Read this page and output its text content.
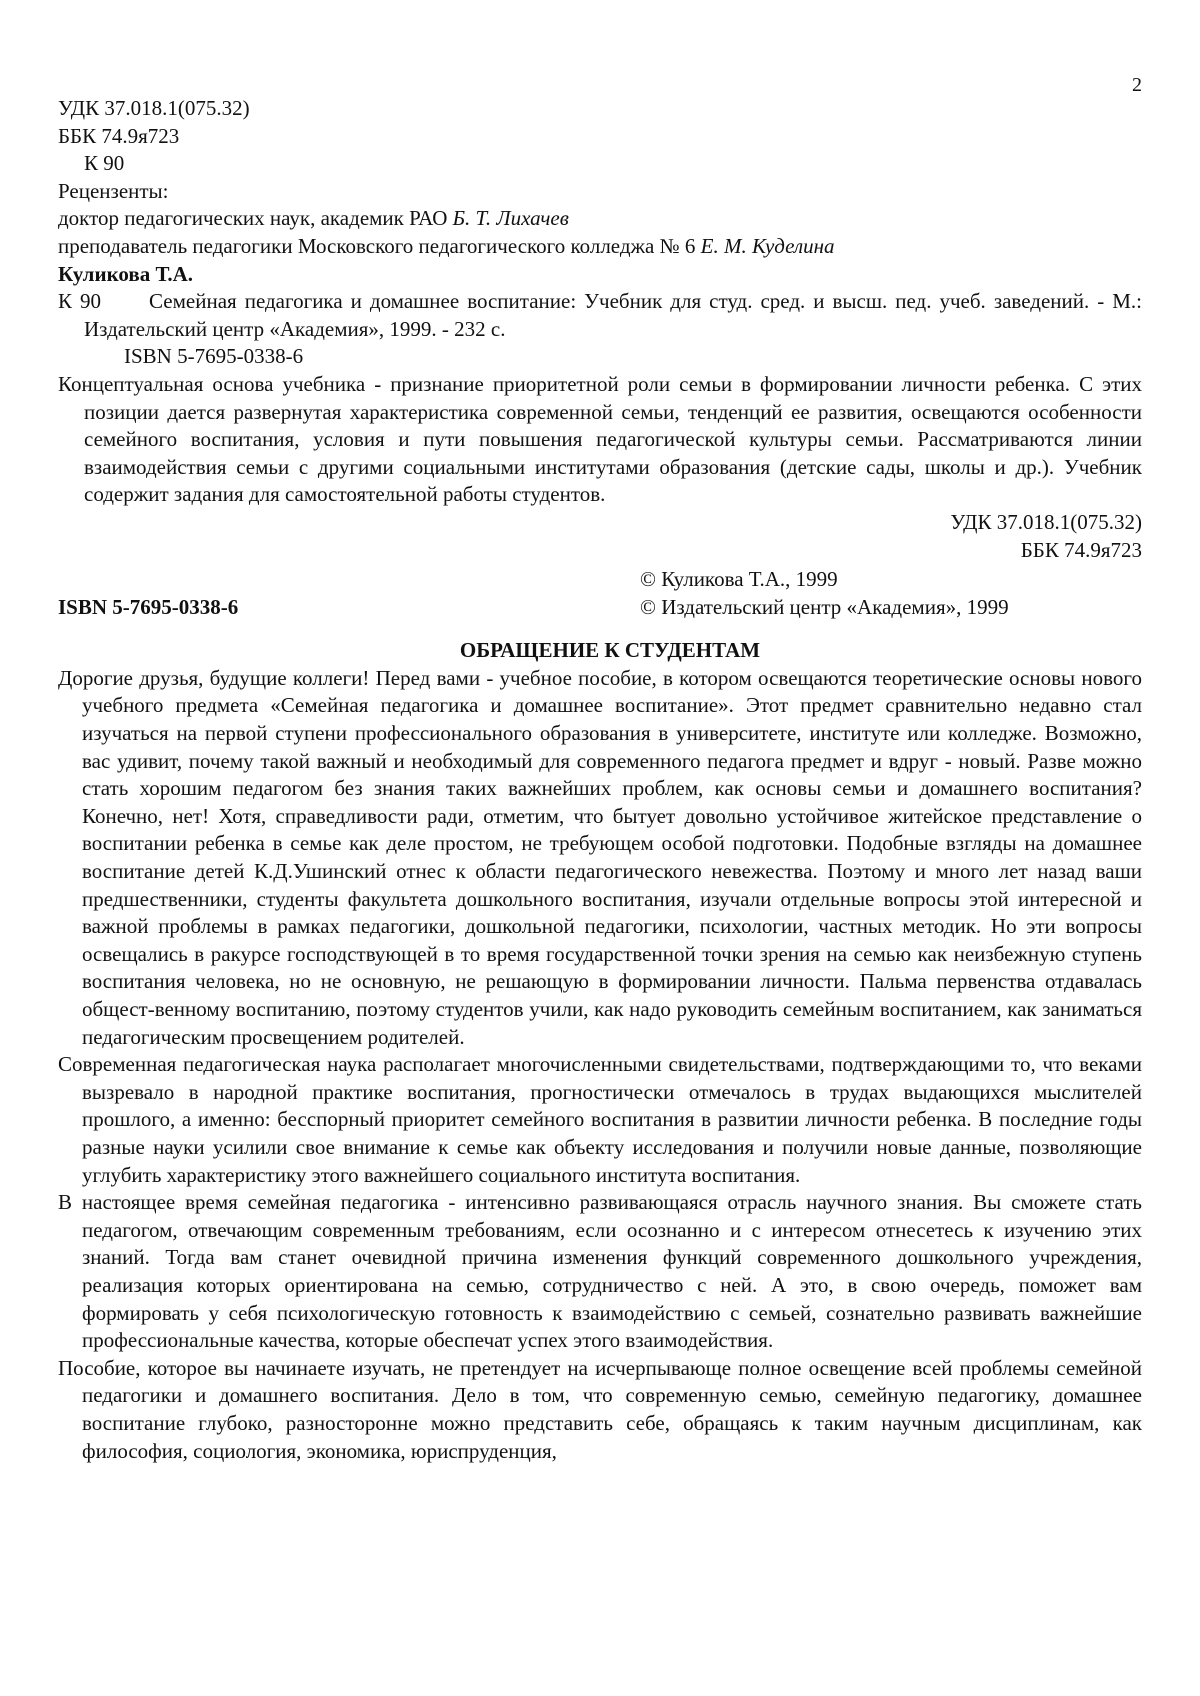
2
УДК 37.018.1(075.32)
ББК 74.9я723
К 90
Рецензенты:
доктор педагогических наук, академик РАО Б. Т. Лихачев
преподаватель педагогики Московского педагогического колледжа № 6 Е. М. Куделина
Куликова Т.А.

К 90 Семейная педагогика и домашнее воспитание: Учебник для студ. сред. и высш. пед. учеб. заведений. - М.: Издательский центр «Академия», 1999. - 232 с.

ISBN 5-7695-0338-6

Концептуальная основа учебника - признание приоритетной роли семьи в формировании личности ребенка. С этих позиции дается развернутая характеристика современной семьи, тенденций ее развития, освещаются особенности семейного воспитания, условия и пути повышения педагогической культуры семьи. Рассматриваются линии взаимодействия семьи с другими социальными институтами образования (детские сады, школы и др.). Учебник содержит задания для самостоятельной работы студентов.

УДК 37.018.1(075.32)
ББК 74.9я723
© Куликова Т.А., 1999
ISBN 5-7695-0338-6	© Издательский центр «Академия», 1999
ОБРАЩЕНИЕ К СТУДЕНТАМ

Дорогие друзья, будущие коллеги! Перед вами - учебное пособие, в котором освещаются теоретические основы нового учебного предмета «Семейная педагогика и домашнее воспитание». Этот предмет сравнительно недавно стал изучаться на первой ступени профессионального образования в университете, институте или колледже. Возможно, вас удивит, почему такой важный и необходимый для современного педагога предмет и вдруг - новый. Разве можно стать хорошим педагогом без знания таких важнейших проблем, как основы семьи и домашнего воспитания? Конечно, нет! Хотя, справедливости ради, отметим, что бытует довольно устойчивое житейское представление о воспитании ребенка в семье как деле простом, не требующем особой подготовки. Подобные взгляды на домашнее воспитание детей К.Д.Ушинский отнес к области педагогического невежества. Поэтому и много лет назад ваши предшественники, студенты факультета дошкольного воспитания, изучали отдельные вопросы этой интересной и важной проблемы в рамках педагогики, дошкольной педагогики, психологии, частных методик. Но эти вопросы освещались в ракурсе господствующей в то время государственной точки зрения на семью как неизбежную ступень воспитания человека, но не основную, не решающую в формировании личности. Пальма первенства отдавалась общест-венному воспитанию, поэтому студентов учили, как надо руководить семейным воспитанием, как заниматься педагогическим просвещением родителей.

Современная педагогическая наука располагает многочисленными свидетельствами, подтверждающими то, что веками вызревало в народной практике воспитания, прогностически отмечалось в трудах выдающихся мыслителей прошлого, а именно: бесспорный приоритет семейного воспитания в развитии личности ребенка. В последние годы разные науки усилили свое внимание к семье как объекту исследования и получили новые данные, позволяющие углубить характеристику этого важнейшего социального института воспитания.

В настоящее время семейная педагогика - интенсивно развивающаяся отрасль научного знания. Вы сможете стать педагогом, отвечающим современным требованиям, если осознанно и с интересом отнесетесь к изучению этих знаний. Тогда вам станет очевидной причина изменения функций современного дошкольного учреждения, реализация которых ориентирована на семью, сотрудничество с ней. А это, в свою очередь, поможет вам формировать у себя психологическую готовность к взаимодействию с семьей, сознательно развивать важнейшие профессиональные качества, которые обеспечат успех этого взаимодействия.

Пособие, которое вы начинаете изучать, не претендует на исчерпывающе полное освещение всей проблемы семейной педагогики и домашнего воспитания. Дело в том, что современную семью, семейную педагогику, домашнее воспитание глубоко, разносторонне можно представить себе, обращаясь к таким научным дисциплинам, как философия, социология, экономика, юриспруденция,
